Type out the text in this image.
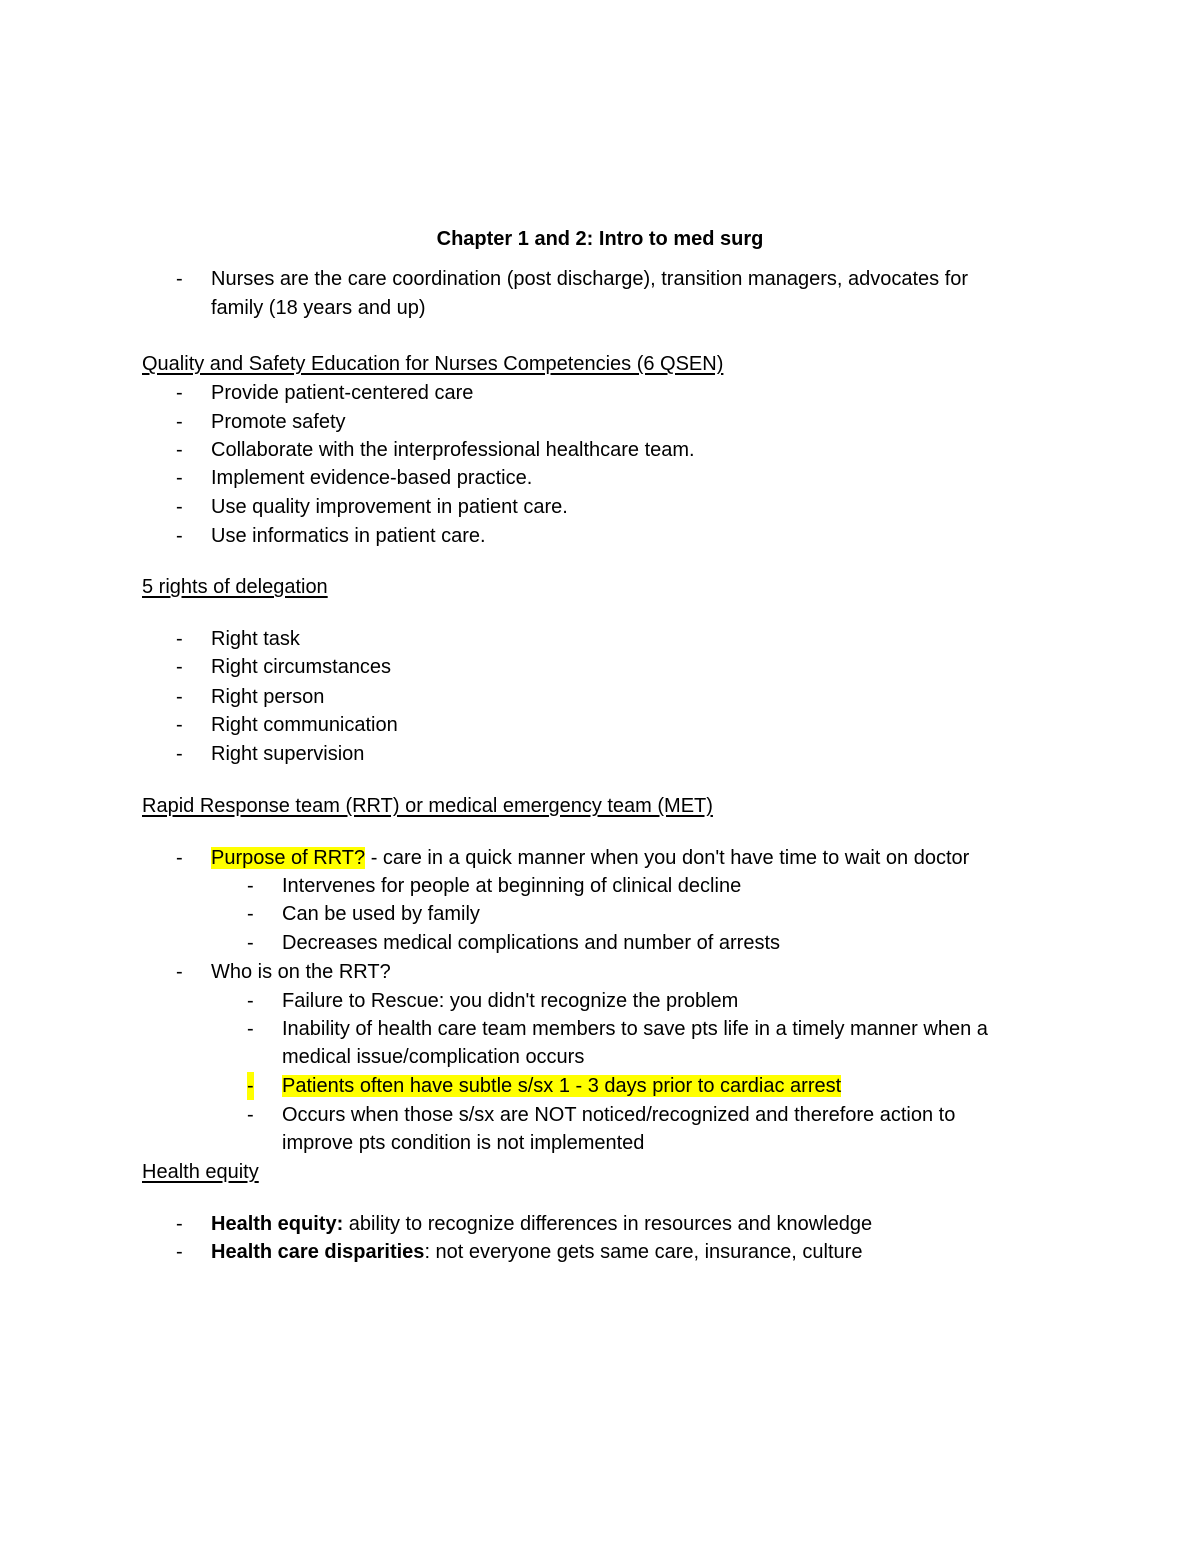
Chapter 1 and 2: Intro to med surg
- Nurses are the care coordination (post discharge), transition managers, advocates for
family (18 years and up)
Quality and Safety Education for Nurses Competencies (6 QSEN)
- Provide patient-centered care
- Promote safety
- Collaborate with the interprofessional healthcare team.
- Implement evidence-based practice.
- Use quality improvement in patient care.
- Use informatics in patient care.
5 rights of delegation
- Right task
- Right circumstances
- Right person
- Right communication
- Right supervision
Rapid Response team (RRT) or medical emergency team (MET)
- Purpose of RRT? - care in a quick manner when you don't have time to wait on doctor
- Intervenes for people at beginning of clinical decline
- Can be used by family
- Decreases medical complications and number of arrests
- Who is on the RRT?
- Failure to Rescue: you didn't recognize the problem
- Inability of health care team members to save pts life in a timely manner when a
medical issue/complication occurs
- Patients often have subtle s/sx 1 - 3 days prior to cardiac arrest
- Occurs when those s/sx are NOT noticed/recognized and therefore action to
improve pts condition is not implemented
Health equity
- Health equity: ability to recognize differences in resources and knowledge
- Health care disparities: not everyone gets same care, insurance, culture
